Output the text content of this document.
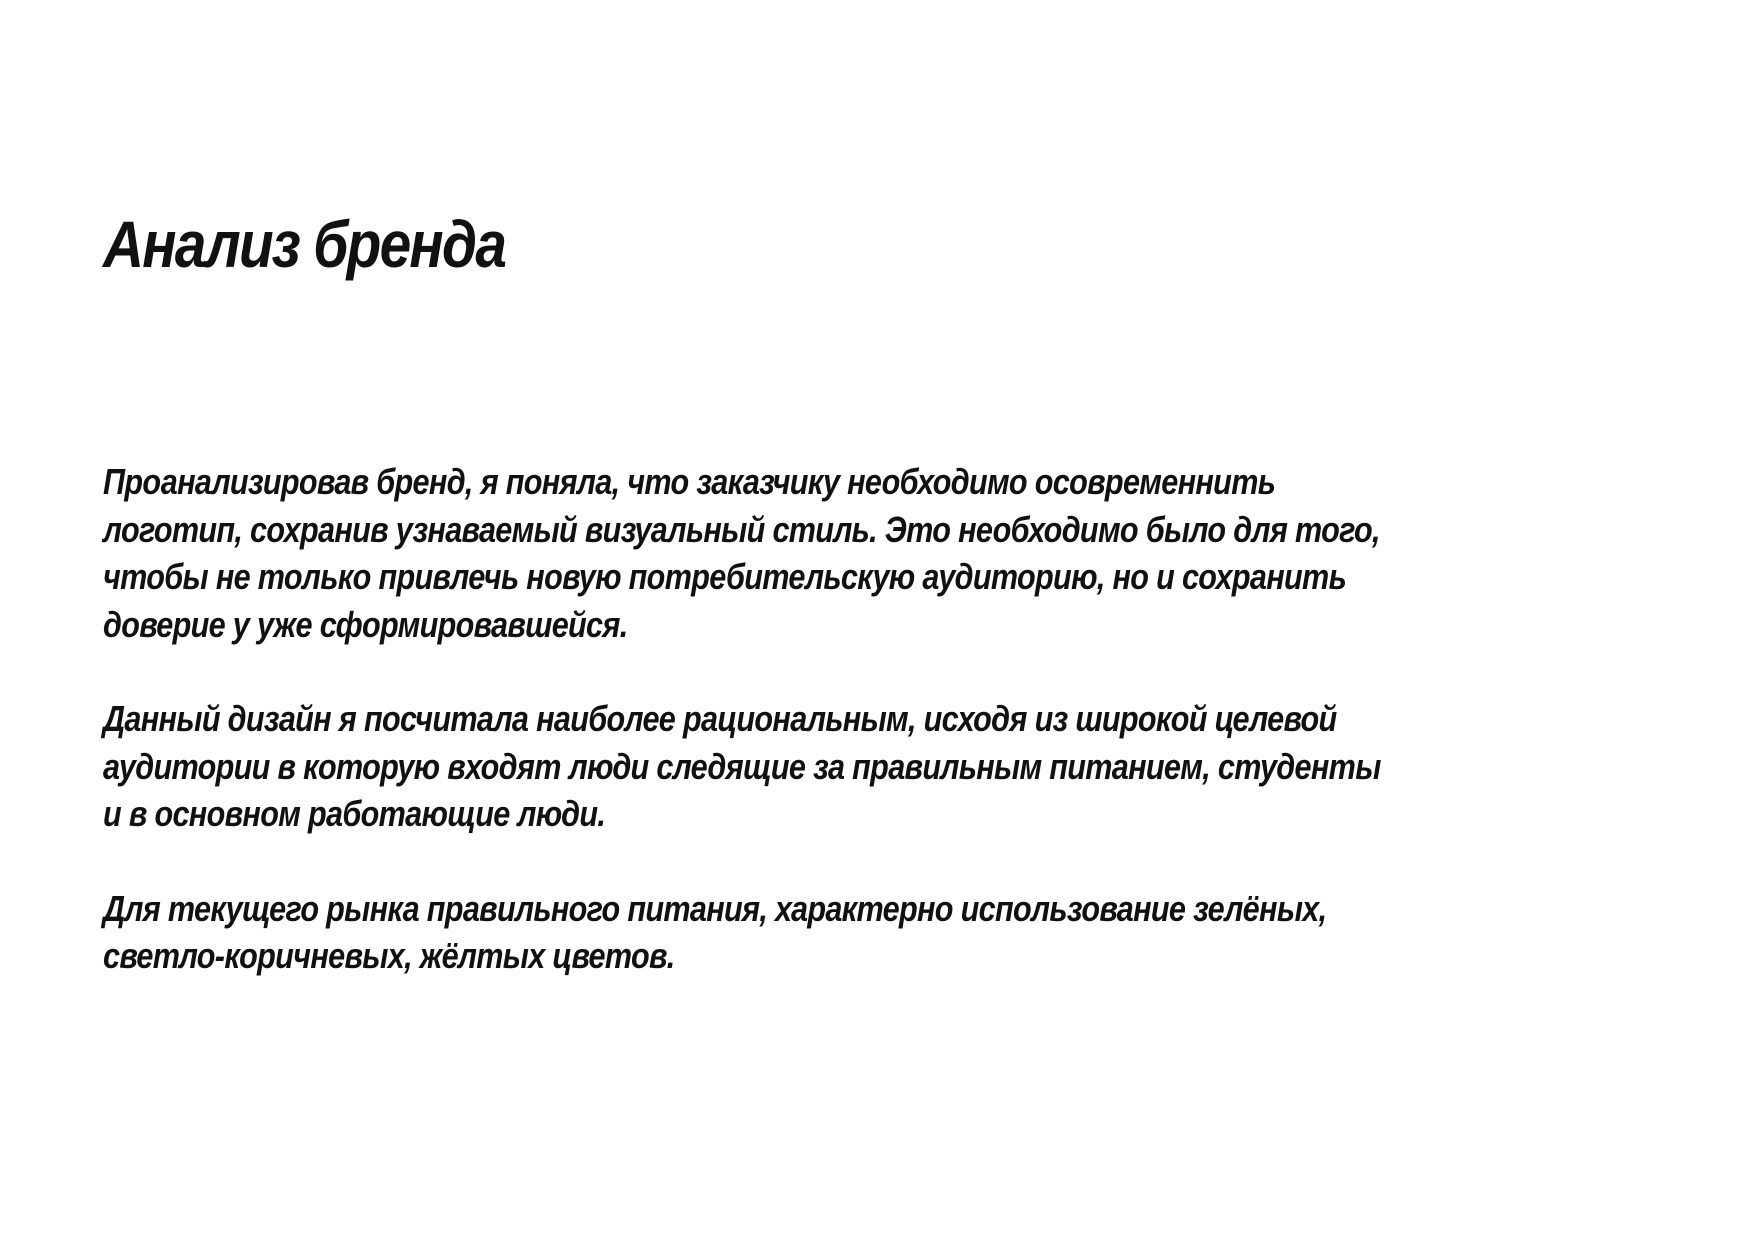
Анализ бренда

Проанализировав бренд, я поняла, что заказчику необходимо осовременнить
логотип, сохранив узнаваемый визуальный стиль. Это необходимо было для того,
чтобы не только привлечь новую потребительскую аудиторию, но и сохранить
доверие у уже сформировавшейся.

Данный дизайн я посчитала наиболее рациональным, исходя из широкой целевой
аудитории в которую входят люди следящие за правильным питанием, студенты
и в основном работающие люди.

Для текущего рынка правильного питания, характерно использование зелёных,
светло-коричневых, жёлтых цветов.
